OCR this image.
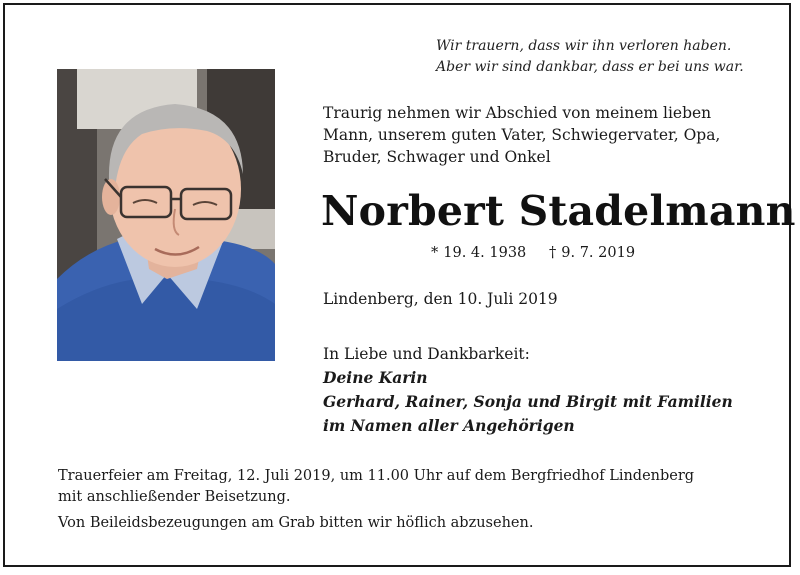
Wir trauern, dass wir ihn verloren haben.
Aber wir sind dankbar, dass er bei uns war.
Traurig nehmen wir Abschied von meinem lieben
Mann, unserem guten Vater, Schwiegervater, Opa,
Bruder, Schwager und Onkel
Norbert Stadelmann
* 19. 4. 1938 † 9. 7. 2019
Lindenberg, den 10. Juli 2019
In Liebe und Dankbarkeit:
Deine Karin
Gerhard, Rainer, Sonja und Birgit mit Familien
im Namen aller Angehörigen
Trauerfeier am Freitag, 12. Juli 2019, um 11.00 Uhr auf dem Bergfriedhof Lindenberg
mit anschließender Beisetzung.
Von Beileidsbezeugungen am Grab bitten wir höflich abzusehen.
